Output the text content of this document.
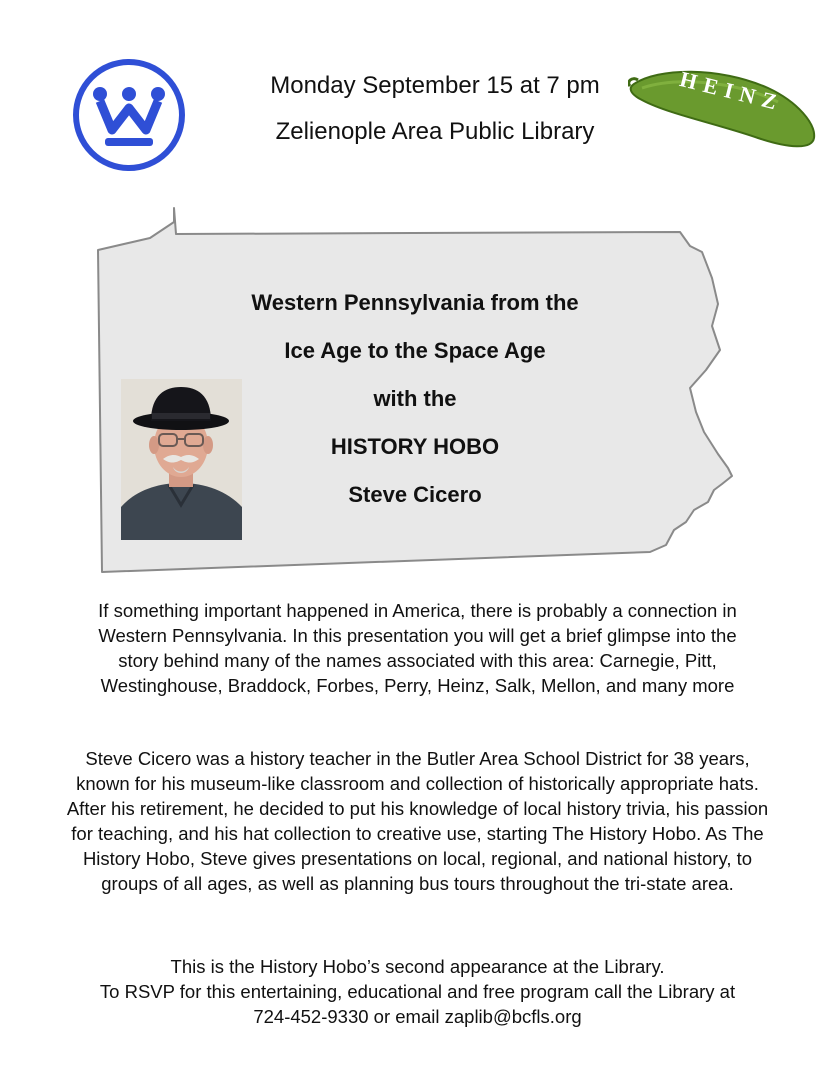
Monday September 15 at 7 pm
Zelienople Area Public Library
HEINZ
Western Pennsylvania from the
Ice Age to the Space Age
with the
HISTORY HOBO
Steve Cicero
If something important happened in America, there is probably a connection in Western Pennsylvania. In this presentation you will get a brief glimpse into the story behind many of the names associated with this area: Carnegie, Pitt, Westinghouse, Braddock, Forbes, Perry, Heinz, Salk, Mellon, and many more
Steve Cicero was a history teacher in the Butler Area School District for 38 years, known for his museum-like classroom and collection of historically appropriate hats. After his retirement, he decided to put his knowledge of local history trivia, his passion for teaching, and his hat collection to creative use, starting The History Hobo. As The History Hobo, Steve gives presentations on local, regional, and national history, to groups of all ages, as well as planning bus tours throughout the tri-state area.
This is the History Hobo’s second appearance at the Library.
To RSVP for this entertaining, educational and free program call the Library at
724-452-9330 or email zaplib@bcfls.org
